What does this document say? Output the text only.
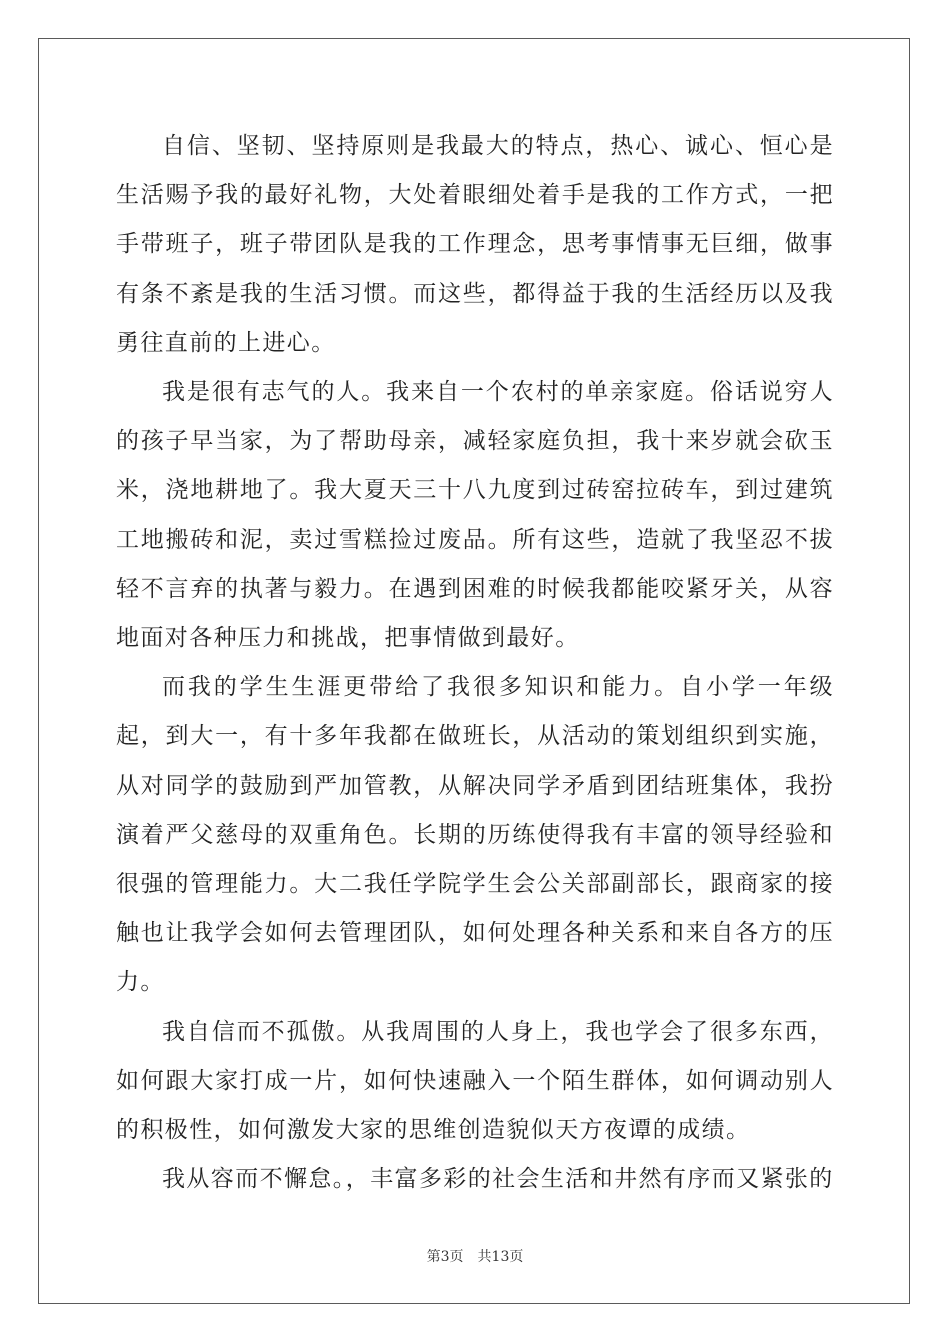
自信、坚韧、坚持原则是我最大的特点，热心、诚心、恒心是生活赐予我的最好礼物，大处着眼细处着手是我的工作方式，一把手带班子，班子带团队是我的工作理念，思考事情事无巨细，做事有条不紊是我的生活习惯。而这些，都得益于我的生活经历以及我勇往直前的上进心。

我是很有志气的人。我来自一个农村的单亲家庭。俗话说穷人的孩子早当家，为了帮助母亲，减轻家庭负担，我十来岁就会砍玉米，浇地耕地了。我大夏天三十八九度到过砖窑拉砖车，到过建筑工地搬砖和泥，卖过雪糕捡过废品。所有这些，造就了我坚忍不拔轻不言弃的执著与毅力。在遇到困难的时候我都能咬紧牙关，从容地面对各种压力和挑战，把事情做到最好。

而我的学生生涯更带给了我很多知识和能力。自小学一年级起，到大一，有十多年我都在做班长，从活动的策划组织到实施，从对同学的鼓励到严加管教，从解决同学矛盾到团结班集体，我扮演着严父慈母的双重角色。长期的历练使得我有丰富的领导经验和很强的管理能力。大二我任学院学生会公关部副部长，跟商家的接触也让我学会如何去管理团队，如何处理各种关系和来自各方的压力。

我自信而不孤傲。从我周围的人身上，我也学会了很多东西，如何跟大家打成一片，如何快速融入一个陌生群体，如何调动别人的积极性，如何激发大家的思维创造貌似天方夜谭的成绩。

我从容而不懈怠。，丰富多彩的社会生活和井然有序而又紧张的

第3页 共13页
